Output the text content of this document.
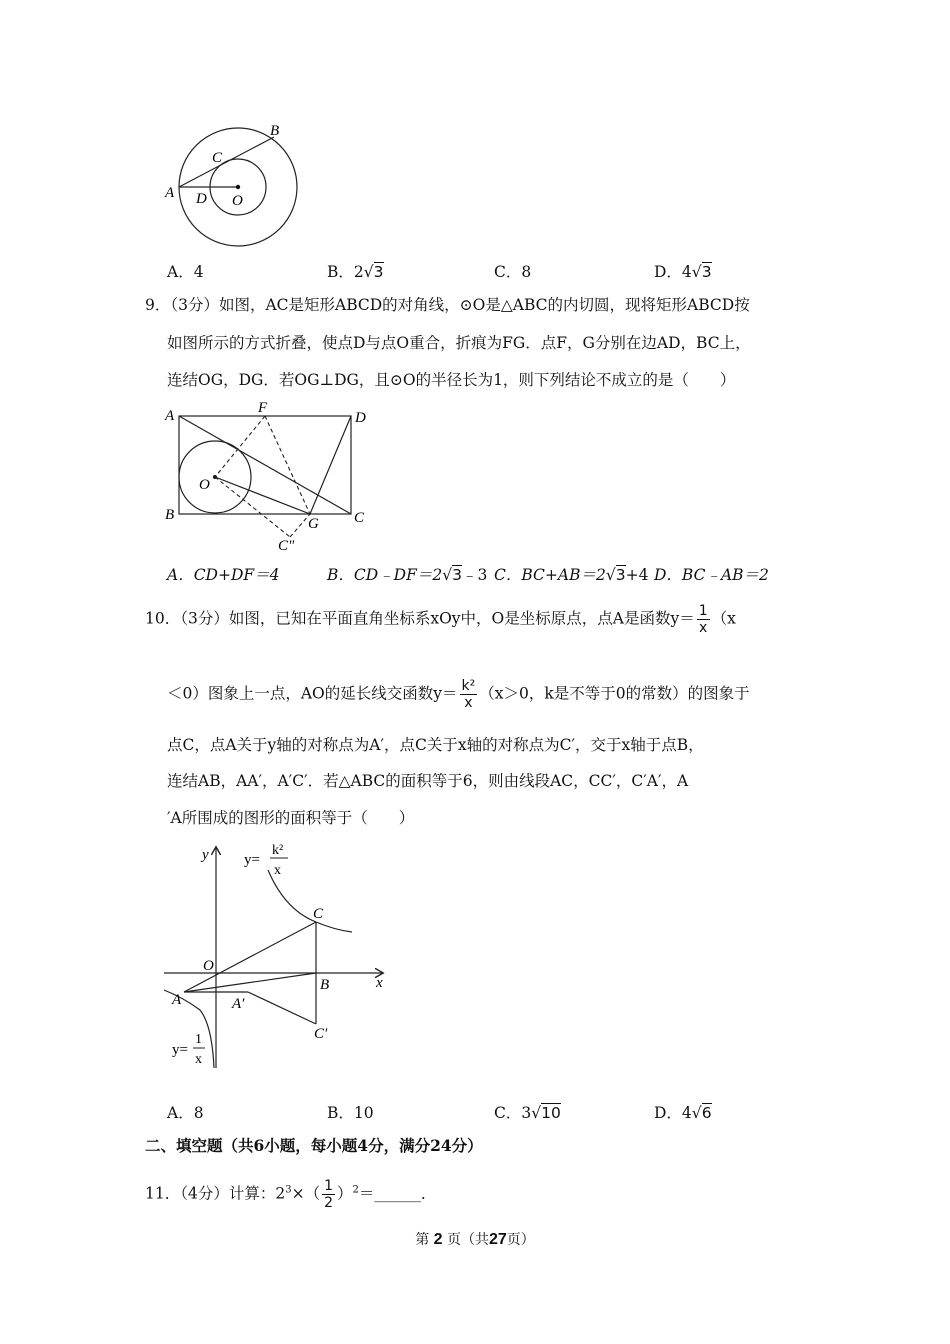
A
B
C
D O
A．4	B．2√3	C．8	D．4√3
9．（3分）如图，AC是矩形ABCD的对角线，⊙O是△ABC的内切圆，现将矩形ABCD按
如图所示的方式折叠，使点D与点O重合，折痕为FG．点F，G分别在边AD，BC上，
连结OG，DG．若OG⊥DG，且⊙O的半径长为1，则下列结论不成立的是（　　）
A	F
D
O
B
G C
C"
A．CD+DF＝4	B．CD﹣DF＝2√3﹣3 C．BC+AB＝2√3+4 D．BC﹣AB＝2
10．（3分）如图，已知在平面直角坐标系xOy中，O是坐标原点，点A是函数$y= \frac{1}{x} (x$
＜0）图象上一点，AO的延长线交函数$y= \frac{\text{k²}}{x} (x>0$，k是不等于0的常数）的图象于
点C，点A关于y轴的对称点为A′，点C关于x轴的对称点为C′，交于x轴于点B，
连结AB，AA′，A′C′．若△ABC的面积等于6，则由线段AC，CC′，C′A′，A
′A所围成的图形的面积等于（　　）
y y=
k²
x
C
O
x
B
A	A′
C′
y=
1
x
A．8	B．10	C．3√10	D．4√6
二、填空题（共6小题，每小题4分，满分24分）
11．（4分）计算：$2^3\times( \frac{1}{2}$ ）$^2=\_\_\_\_\_\_$．
第 2 页（共27页）
